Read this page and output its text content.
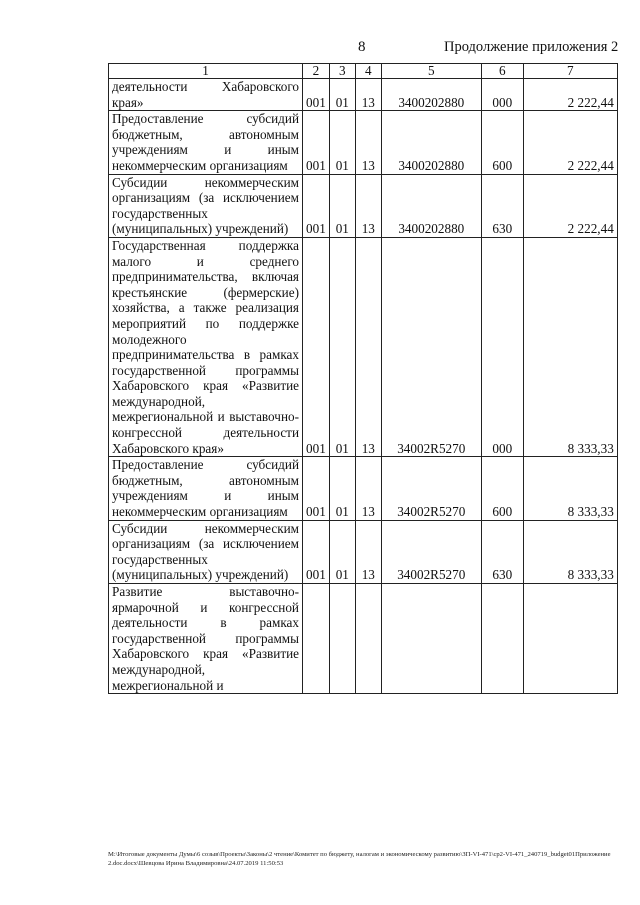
8	Продолжение приложения 2
1	2	3	4	5	6	7
деятельности Хабаровского края»	001	01	13	3400202880	000	2 222,44
Предоставление субсидий бюджетным, автономным учреждениям и иным некоммерческим организациям	001	01	13	3400202880	600	2 222,44
Субсидии некоммерческим организациям (за исключением государственных (муниципальных) учреждений)	001	01	13	3400202880	630	2 222,44
Государственная поддержка малого и среднего предпринимательства, включая крестьянские (фермерские) хозяйства, а также реализация мероприятий по поддержке молодежного предпринимательства в рамках государственной программы Хабаровского края «Развитие международной, межрегиональной и выставочно-конгрессной деятельности Хабаровского края»	001	01	13	34002R5270	000	8 333,33
Предоставление субсидий бюджетным, автономным учреждениям и иным некоммерческим организациям	001	01	13	34002R5270	600	8 333,33
Субсидии некоммерческим организациям (за исключением государственных (муниципальных) учреждений)	001	01	13	34002R5270	630	8 333,33
Развитие выставочно-ярмарочной и конгрессной деятельности в рамках государственной программы Хабаровского края «Развитие международной, межрегиональной и						
M:\Итоговые документы Думы\6 созыв\Проекты\Законы\2 чтение\Комитет по бюджету, налогам и экономическому развитию\ЗП-VI-471\ср2-VI-471_240719_budget01Приложение 2.doc.docx\Шевцова Ирина Владимировна\24.07.2019 11:50:53
